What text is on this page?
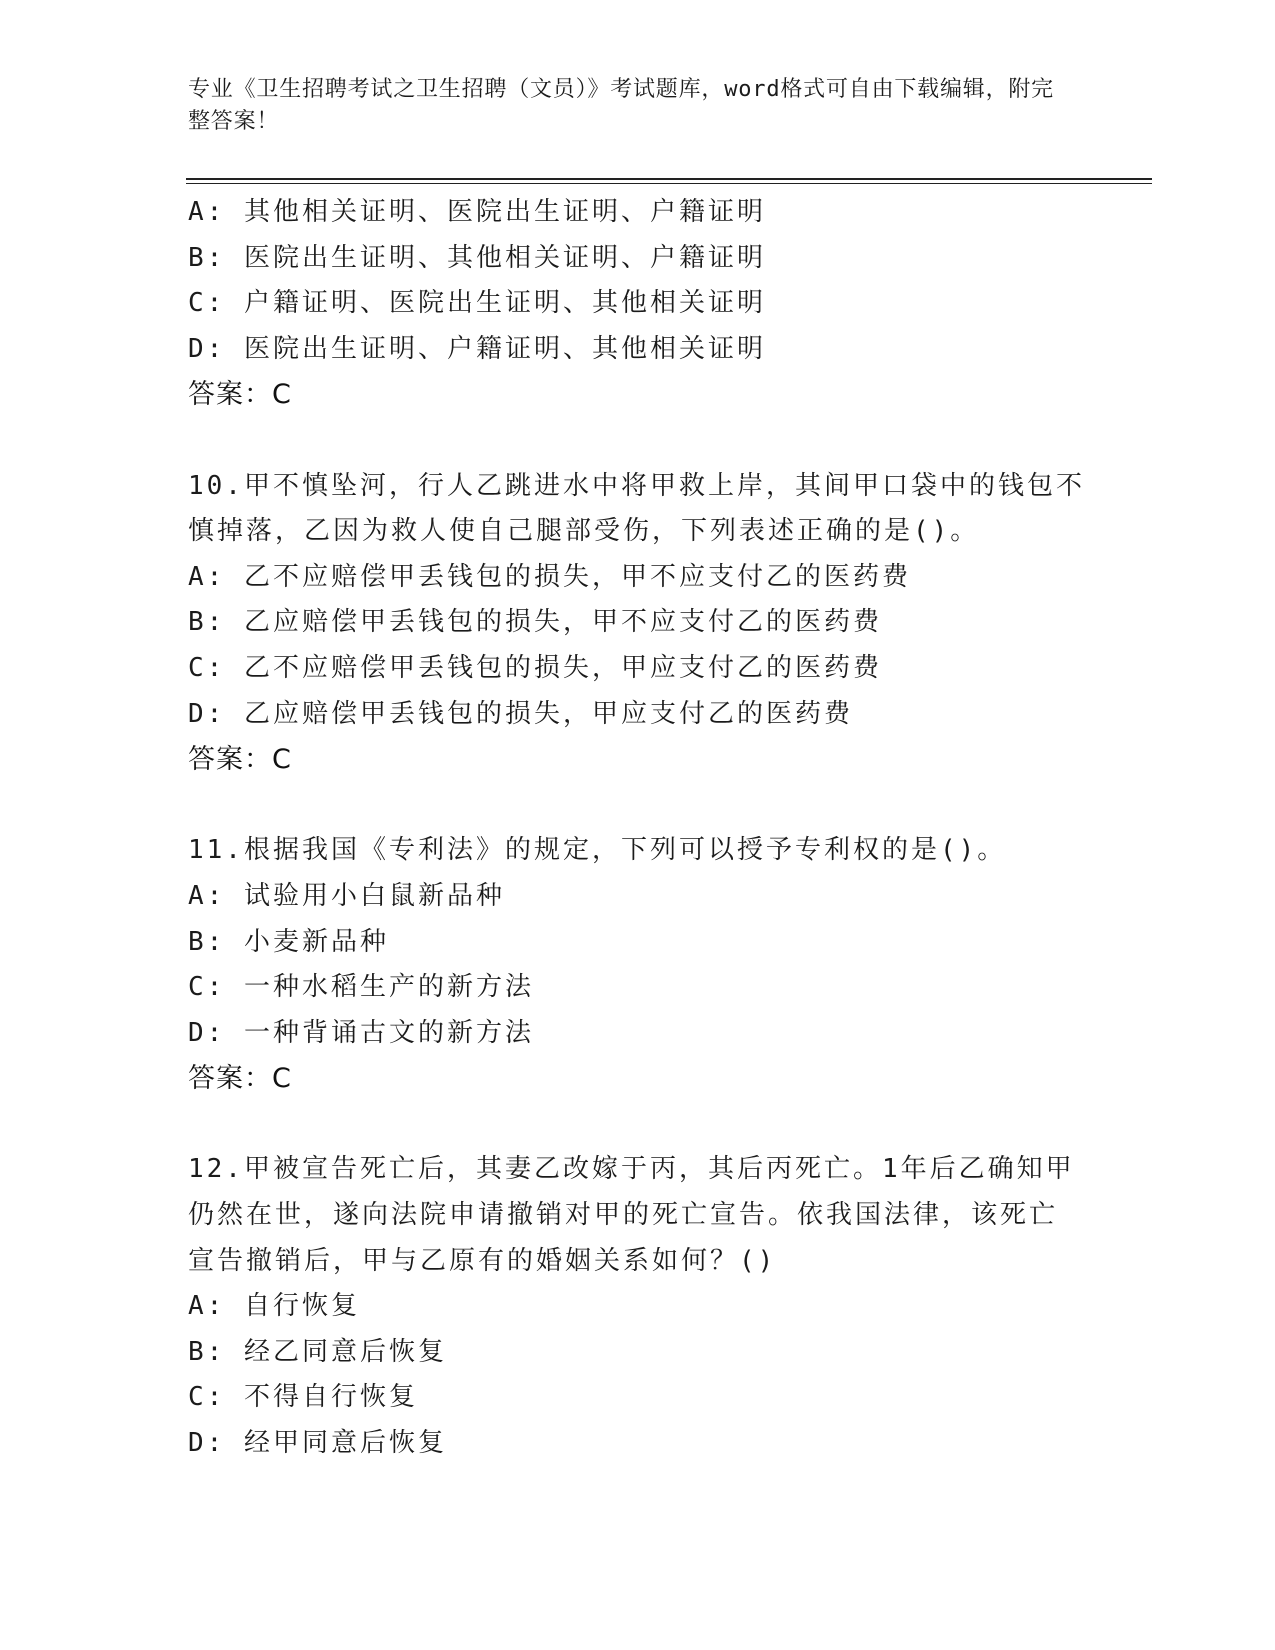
专业《卫生招聘考试之卫生招聘（文员）》考试题库，word格式可自由下载编辑，附完整答案！
A: 其他相关证明、医院出生证明、户籍证明
B: 医院出生证明、其他相关证明、户籍证明
C: 户籍证明、医院出生证明、其他相关证明
D: 医院出生证明、户籍证明、其他相关证明
答案：C
10.甲不慎坠河，行人乙跳进水中将甲救上岸，其间甲口袋中的钱包不
慎掉落，乙因为救人使自己腿部受伤，下列表述正确的是()。
A: 乙不应赔偿甲丢钱包的损失，甲不应支付乙的医药费
B: 乙应赔偿甲丢钱包的损失，甲不应支付乙的医药费
C: 乙不应赔偿甲丢钱包的损失，甲应支付乙的医药费
D: 乙应赔偿甲丢钱包的损失，甲应支付乙的医药费
答案：C
11.根据我国《专利法》的规定，下列可以授予专利权的是()。
A: 试验用小白鼠新品种
B: 小麦新品种
C: 一种水稻生产的新方法
D: 一种背诵古文的新方法
答案：C
12.甲被宣告死亡后，其妻乙改嫁于丙，其后丙死亡。1年后乙确知甲
仍然在世，遂向法院申请撤销对甲的死亡宣告。依我国法律，该死亡
宣告撤销后，甲与乙原有的婚姻关系如何？()
A: 自行恢复
B: 经乙同意后恢复
C: 不得自行恢复
D: 经甲同意后恢复
